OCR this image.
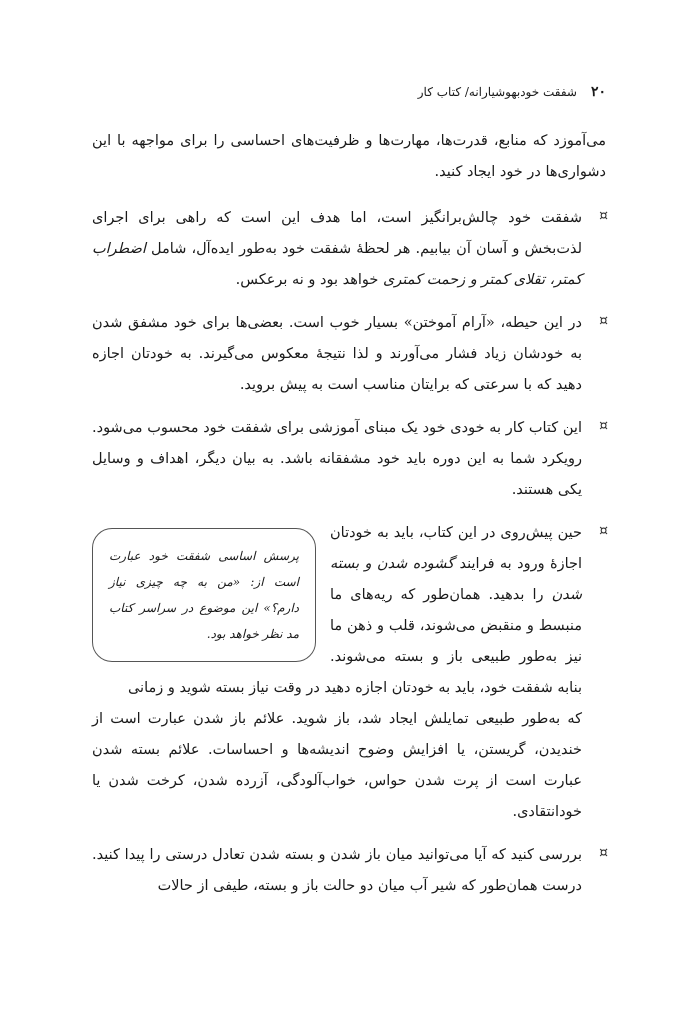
۲۰
شفقت خودبهوشیارانه/ کتاب کار

می‌آموزد که منابع، قدرت‌ها، مهارت‌ها و ظرفیت‌های احساسی را برای مواجهه با این دشواری‌ها در خود ایجاد کنید.

¤
شفقت خود چالش‌برانگیز است، اما هدف این است که راهی برای اجرای لذت‌بخش و آسان آن بیابیم. هر لحظهٔ شفقت خود به‌طور ایده‌آل، شامل اضطراب کمتر، تقلای کمتر و زحمت کمتری خواهد بود و نه برعکس.
¤
در این حیطه، «آرام آموختن» بسیار خوب است. بعضی‌ها برای خود مشفق شدن به خودشان زیاد فشار می‌آورند و لذا نتیجهٔ معکوس می‌گیرند. به خودتان اجازه دهید که با سرعتی که برایتان مناسب است به پیش بروید.
¤
این کتاب کار به خودی خود یک مبنای آموزشی برای شفقت خود محسوب می‌شود. رویکرد شما به این دوره باید خود مشفقانه باشد. به بیان دیگر، اهداف و وسایل یکی هستند.
¤
پرسش اساسی شفقت خود عبارت است از: «من به چه چیزی نیاز دارم؟» این موضوع در سراسر کتاب مد نظر خواهد بود.
حین پیش‌روی در این کتاب، باید به خودتان اجازهٔ ورود به فرایند گشوده شدن و بسته شدن را بدهید. همان‌طور که ریه‌های ما منبسط و منقبض می‌شوند، قلب و ذهن ما نیز به‌طور طبیعی باز و بسته می‌شوند. بنابه شفقت خود، باید به خودتان اجازه دهید در وقت نیاز بسته شوید و زمانی
که به‌طور طبیعی تمایلش ایجاد شد، باز شوید. علائم باز شدن عبارت است از خندیدن، گریستن، یا افزایش وضوح اندیشه‌ها و احساسات. علائم بسته شدن عبارت است از پرت شدن حواس، خواب‌آلودگی، آزرده شدن، کرخت شدن یا خودانتقادی.
¤
بررسی کنید که آیا می‌توانید میان باز شدن و بسته شدن تعادل درستی را پیدا کنید. درست همان‌طور که شیر آب میان دو حالت باز و بسته، طیفی از حالات
